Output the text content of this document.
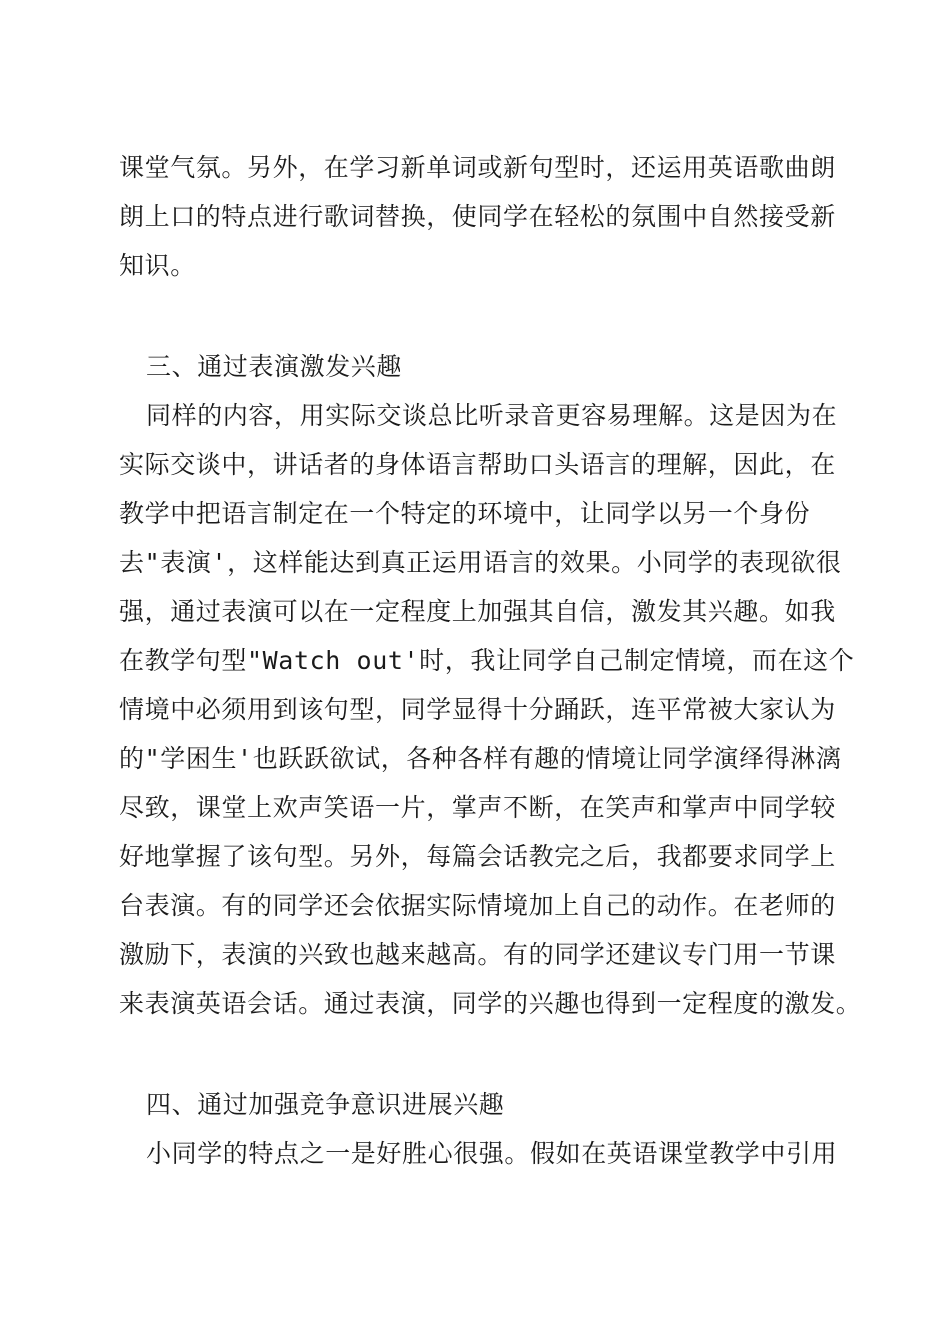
课堂气氛。另外，在学习新单词或新句型时，还运用英语歌曲朗
朗上口的特点进行歌词替换，使同学在轻松的氛围中自然接受新
知识。
三、通过表演激发兴趣
同样的内容，用实际交谈总比听录音更容易理解。这是因为在
实际交谈中，讲话者的身体语言帮助口头语言的理解，因此，在
教学中把语言制定在一个特定的环境中，让同学以另一个身份
去"表演'，这样能达到真正运用语言的效果。小同学的表现欲很
强，通过表演可以在一定程度上加强其自信，激发其兴趣。如我
在教学句型"Watch out'时，我让同学自己制定情境，而在这个
情境中必须用到该句型，同学显得十分踊跃，连平常被大家认为
的"学困生'也跃跃欲试，各种各样有趣的情境让同学演绎得淋漓
尽致，课堂上欢声笑语一片，掌声不断，在笑声和掌声中同学较
好地掌握了该句型。另外，每篇会话教完之后，我都要求同学上
台表演。有的同学还会依据实际情境加上自己的动作。在老师的
激励下，表演的兴致也越来越高。有的同学还建议专门用一节课
来表演英语会话。通过表演，同学的兴趣也得到一定程度的激发。
四、通过加强竞争意识进展兴趣
小同学的特点之一是好胜心很强。假如在英语课堂教学中引用
